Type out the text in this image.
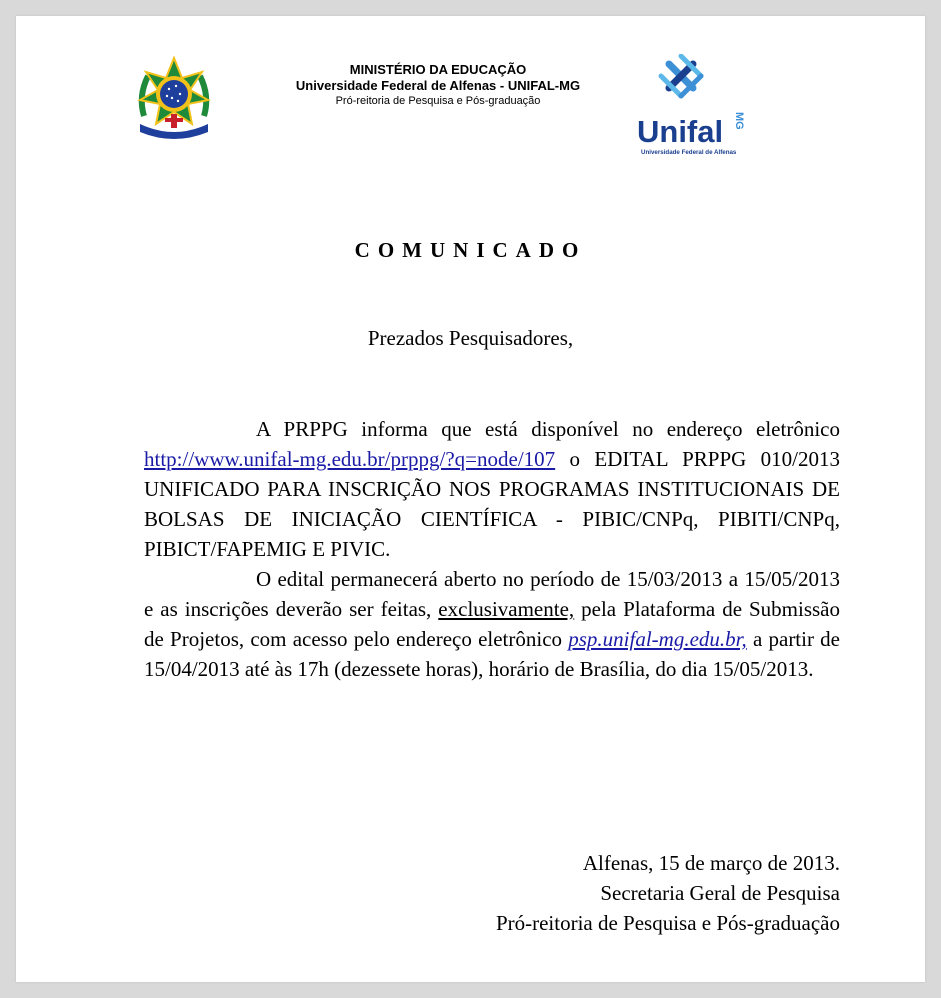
MINISTÉRIO DA EDUCAÇÃO
Universidade Federal de Alfenas - UNIFAL-MG
Pró-reitoria de Pesquisa e Pós-graduação
Unifal MG
Universidade Federal de Alfenas
COMUNICADO
Prezados Pesquisadores,

A PRPPG informa que está disponível no endereço eletrônico http://www.unifal-mg.edu.br/prppg/?q=node/107 o EDITAL PRPPG 010/2013 UNIFICADO PARA INSCRIÇÃO NOS PROGRAMAS INSTITUCIONAIS DE BOLSAS DE INICIAÇÃO CIENTÍFICA - PIBIC/CNPq, PIBITI/CNPq, PIBICT/FAPEMIG E PIVIC.

O edital permanecerá aberto no período de 15/03/2013 a 15/05/2013 e as inscrições deverão ser feitas, exclusivamente, pela Plataforma de Submissão de Projetos, com acesso pelo endereço eletrônico psp.unifal-mg.edu.br, a partir de 15/04/2013 até às 17h (dezessete horas), horário de Brasília, do dia 15/05/2013.

Alfenas, 15 de março de 2013.
Secretaria Geral de Pesquisa
Pró-reitoria de Pesquisa e Pós-graduação
